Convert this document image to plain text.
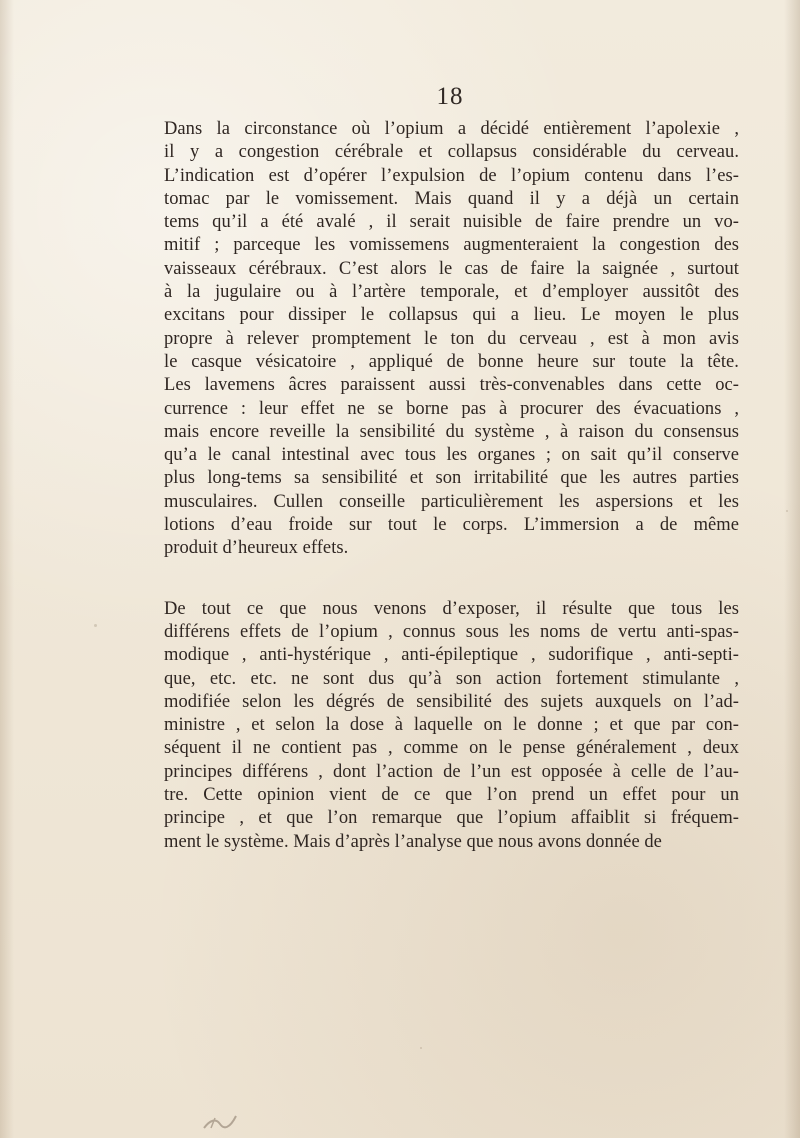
18
Dans la circonstance où l’opium a décidé entièrement l’apolexie ,
il y a congestion cérébrale et collapsus considérable du cerveau.
L’indication est d’opérer l’expulsion de l’opium contenu dans l’es-
tomac par le vomissement. Mais quand il y a déjà un certain
tems qu’il a été avalé , il serait nuisible de faire prendre un vo-
mitif ; parceque les vomissemens augmenteraient la congestion des
vaisseaux cérébraux. C’est alors le cas de faire la saignée , surtout
à la jugulaire ou à l’artère temporale, et d’employer aussitôt des
excitans pour dissiper le collapsus qui a lieu. Le moyen le plus
propre à relever promptement le ton du cerveau , est à mon avis
le casque vésicatoire , appliqué de bonne heure sur toute la tête.
Les lavemens âcres paraissent aussi très-convenables dans cette oc-
currence : leur effet ne se borne pas à procurer des évacuations ,
mais encore reveille la sensibilité du système , à raison du consensus
qu’a le canal intestinal avec tous les organes ; on sait qu’il conserve
plus long-tems sa sensibilité et son irritabilité que les autres parties
musculaires. Cullen conseille particulièrement les aspersions et les
lotions d’eau froide sur tout le corps. L’immersion a de même
produit d’heureux effets.
De tout ce que nous venons d’exposer, il résulte que tous les
différens effets de l’opium , connus sous les noms de vertu anti-spas-
modique , anti-hystérique , anti-épileptique , sudorifique , anti-septi-
que, etc. etc. ne sont dus qu’à son action fortement stimulante ,
modifiée selon les dégrés de sensibilité des sujets auxquels on l’ad-
ministre , et selon la dose à laquelle on le donne ; et que par con-
séquent il ne contient pas , comme on le pense généralement , deux
principes différens , dont l’action de l’un est opposée à celle de l’au-
tre. Cette opinion vient de ce que l’on prend un effet pour un
principe , et que l’on remarque que l’opium affaiblit si fréquem-
ment le système. Mais d’après l’analyse que nous avons donnée de
